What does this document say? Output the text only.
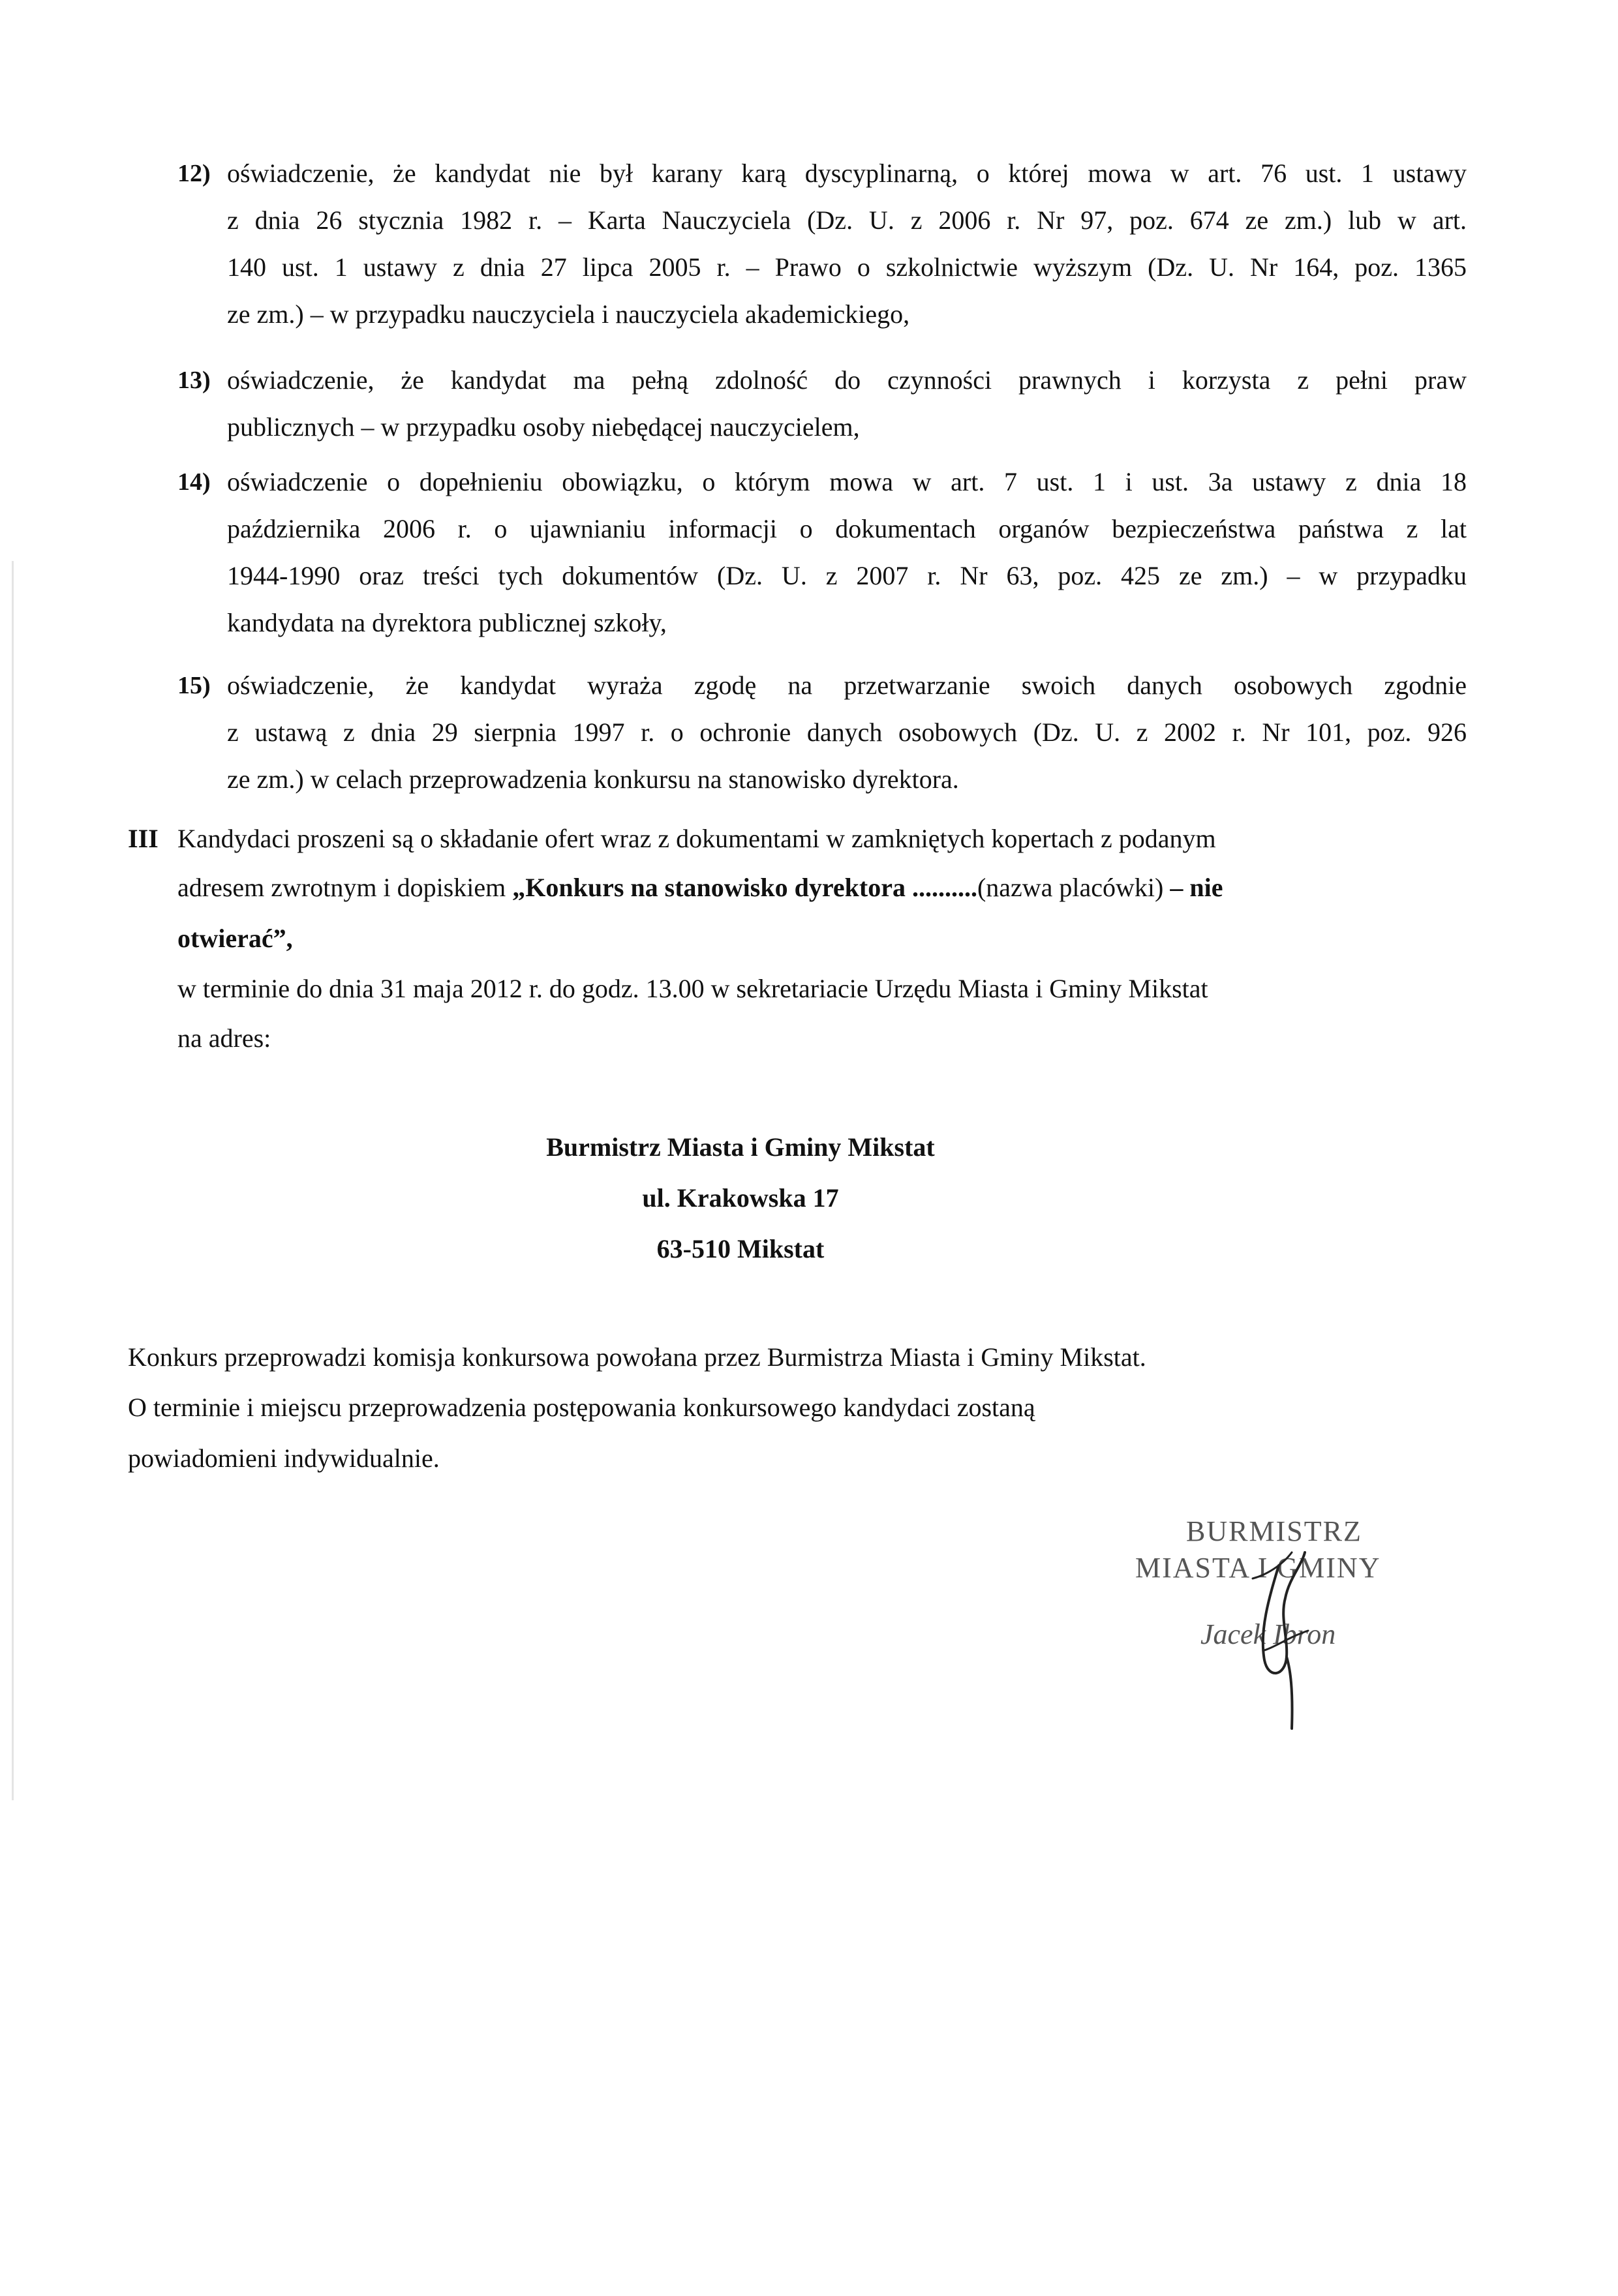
12) oświadczenie, że kandydat nie był karany karą dyscyplinarną, o której mowa w art. 76 ust. 1 ustawy
z dnia 26 stycznia 1982 r. – Karta Nauczyciela (Dz. U. z 2006 r. Nr 97, poz. 674 ze zm.) lub w art.
140 ust. 1 ustawy z dnia 27 lipca 2005 r. – Prawo o szkolnictwie wyższym (Dz. U. Nr 164, poz. 1365
ze zm.) – w przypadku nauczyciela i nauczyciela akademickiego,
13) oświadczenie, że kandydat ma pełną zdolność do czynności prawnych i korzysta z pełni praw
publicznych – w przypadku osoby niebędącej nauczycielem,
14) oświadczenie o dopełnieniu obowiązku, o którym mowa w art. 7 ust. 1 i ust. 3a ustawy z dnia 18
października 2006 r. o ujawnianiu informacji o dokumentach organów bezpieczeństwa państwa z lat
1944-1990 oraz treści tych dokumentów (Dz. U. z 2007 r. Nr 63, poz. 425 ze zm.) – w przypadku
kandydata na dyrektora publicznej szkoły,
15) oświadczenie, że kandydat wyraża zgodę na przetwarzanie swoich danych osobowych zgodnie
z ustawą z dnia 29 sierpnia 1997 r. o ochronie danych osobowych (Dz. U. z 2002 r. Nr 101, poz. 926
ze zm.) w celach przeprowadzenia konkursu na stanowisko dyrektora.
III Kandydaci proszeni są o składanie ofert wraz z dokumentami w zamkniętych kopertach z podanym
adresem zwrotnym i dopiskiem „Konkurs na stanowisko dyrektora ..........(nazwa placówki) – nie
otwierać”,
w terminie do dnia 31 maja 2012 r. do godz. 13.00 w sekretariacie Urzędu Miasta i Gminy Mikstat
na adres:
Burmistrz Miasta i Gminy Mikstat
ul. Krakowska 17
63-510 Mikstat
Konkurs przeprowadzi komisja konkursowa powołana przez Burmistrza Miasta i Gminy Mikstat.
O terminie i miejscu przeprowadzenia postępowania konkursowego kandydaci zostaną
powiadomieni indywidualnie.
BURMISTRZ
MIASTA I GMINY
Jacek Ibron
